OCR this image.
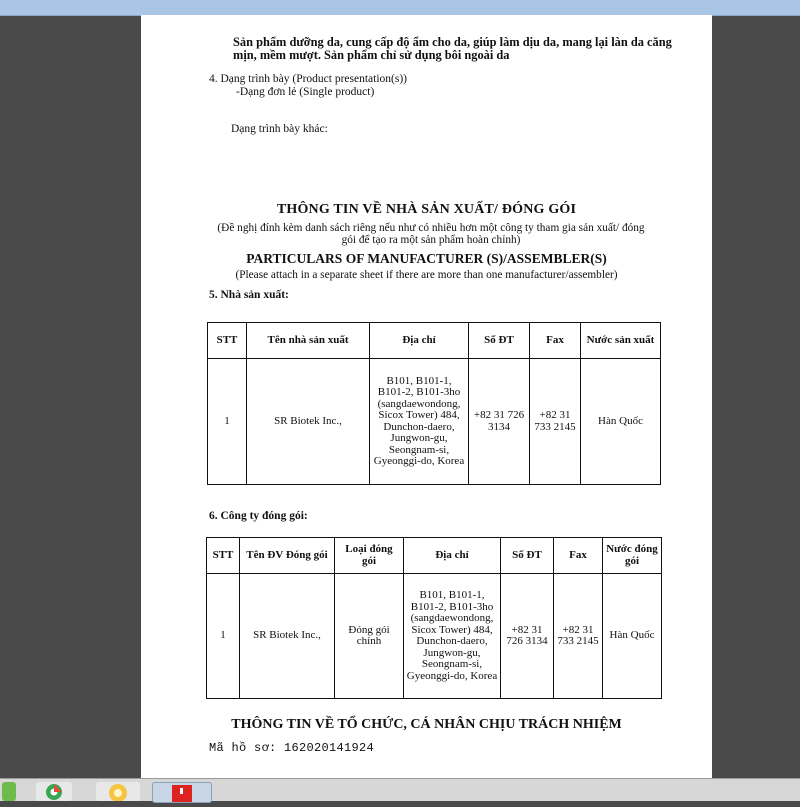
Sản phẩm dưỡng da, cung cấp độ ẩm cho da, giúp làm dịu da, mang lại làn da căng mịn, mềm mượt. Sản phẩm chỉ sử dụng bôi ngoài da
4. Dạng trình bày (Product presentation(s))
-Dạng đơn lẻ (Single product)
Dạng trình bày khác:
THÔNG TIN VỀ NHÀ SẢN XUẤT/ ĐÓNG GÓI
(Đề nghị đính kèm danh sách riêng nếu như có nhiều hơn một công ty tham gia sản xuất/ đóng gói để tạo ra một sản phẩm hoàn chỉnh)
PARTICULARS OF MANUFACTURER (S)/ASSEMBLER(S)
(Please attach in a separate sheet if there are more than one manufacturer/assembler)
5. Nhà sản xuất:
STT	Tên nhà sản xuất	Địa chỉ	Số ĐT	Fax	Nước sản xuất
1	SR Biotek Inc.,	B101, B101-1, B101-2, B101-3ho (sangdaewondong, Sicox Tower) 484, Dunchon-daero, Jungwon-gu, Seongnam-si, Gyeonggi-do, Korea	+82 31 726 3134	+82 31 733 2145	Hàn Quốc
6. Công ty đóng gói:
STT	Tên ĐV Đóng gói	Loại đóng gói	Địa chỉ	Số ĐT	Fax	Nước đóng gói
1	SR Biotek Inc.,	Đóng gói chính	B101, B101-1, B101-2, B101-3ho (sangdaewondong, Sicox Tower) 484, Dunchon-daero, Jungwon-gu, Seongnam-si, Gyeonggi-do, Korea	+82 31 726 3134	+82 31 733 2145	Hàn Quốc
THÔNG TIN VỀ TỔ CHỨC, CÁ NHÂN CHỊU TRÁCH NHIỆM
Mã hồ sơ: 162020141924
